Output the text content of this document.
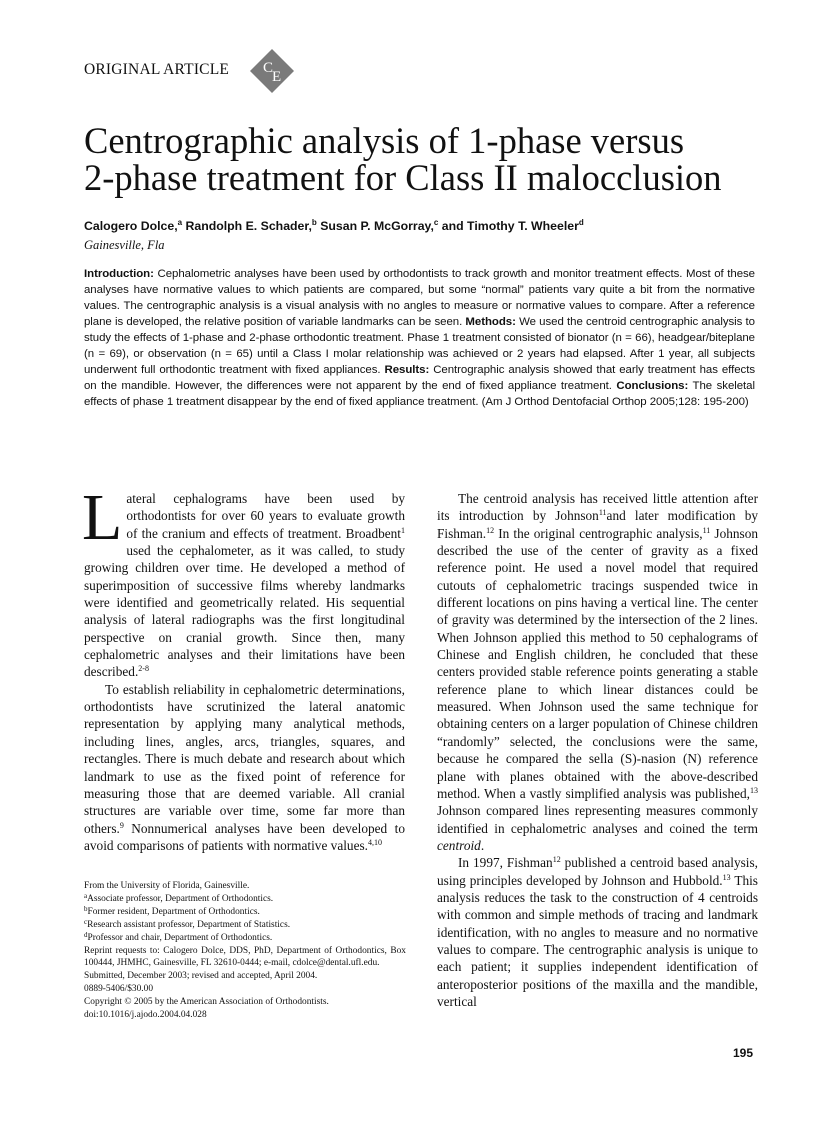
ORIGINAL ARTICLE C
E
Centrographic analysis of 1-phase versus
2-phase treatment for Class II malocclusion
Calogero Dolce,$^a$ Randolph E. Schader,$^b$ Susan P. McGorray,$^c$ and Timothy T. Wheeler$^d$
Gainesville, Fla
Introduction: Cephalometric analyses have been used by orthodontists to track growth and monitor treatment effects. Most of these analyses have normative values to which patients are compared, but some “normal” patients vary quite a bit from the normative values. The centrographic analysis is a visual analysis with no angles to measure or normative values to compare. After a reference plane is developed, the relative position of variable landmarks can be seen. Methods: We used the centroid centrographic analysis to study the effects of 1-phase and 2-phase orthodontic treatment. Phase 1 treatment consisted of bionator (n = 66), headgear/biteplane (n = 69), or observation (n = 65) until a Class I molar relationship was achieved or 2 years had elapsed. After 1 year, all subjects underwent full orthodontic treatment with fixed appliances. Results: Centrographic analysis showed that early treatment has effects on the mandible. However, the differences were not apparent by the end of fixed appliance treatment. Conclusions: The skeletal effects of phase 1 treatment disappear by the end of fixed appliance treatment. (Am J Orthod Dentofacial Orthop 2005;128: 195-200)

Lateral cephalograms have been used by orthodontists for over 60 years to evaluate growth of the cranium and effects of treatment. Broadbent$^1$ used the cephalometer, as it was called, to study growing children over time. He developed a method of superimposition of successive films whereby landmarks were identified and geometrically related. His sequential analysis of lateral radiographs was the first longitudinal perspective on cranial growth. Since then, many cephalometric analyses and their limitations have been described.$^{2-8}$

To establish reliability in cephalometric determinations, orthodontists have scrutinized the lateral anatomic representation by applying many analytical methods, including lines, angles, arcs, triangles, squares, and rectangles. There is much debate and research about which landmark to use as the fixed point of reference for measuring those that are deemed variable. All cranial structures are variable over time, some far more than others.$^9$ Nonnumerical analyses have been developed to avoid comparisons of patients with normative values.$^{4,10}$

The centroid analysis has received little attention after its introduction by Johnson$^{11}$and later modification by Fishman.$^{12}$ In the original centrographic analysis,$^{11}$ Johnson described the use of the center of gravity as a fixed reference point. He used a novel model that required cutouts of cephalometric tracings suspended twice in different locations on pins having a vertical line. The center of gravity was determined by the intersection of the 2 lines. When Johnson applied this method to 50 cephalograms of Chinese and English children, he concluded that these centers provided stable reference points generating a stable reference plane to which linear distances could be measured. When Johnson used the same technique for obtaining centers on a larger population of Chinese children “randomly” selected, the conclusions were the same, because he compared the sella (S)-nasion (N) reference plane with planes obtained with the above-described method. When a vastly simplified analysis was published,$^{13}$ Johnson compared lines representing measures commonly identified in cephalometric analyses and coined the term centroid.

In 1997, Fishman$^{12}$ published a centroid based analysis, using principles developed by Johnson and Hubbold.$^{13}$ This analysis reduces the task to the construction of 4 centroids with common and simple methods of tracing and landmark identification, with no angles to measure and no normative values to compare. The centrographic analysis is unique to each patient; it supplies independent identification of anteroposterior positions of the maxilla and the mandible, vertical

From the University of Florida, Gainesville.
$^a$Associate professor, Department of Orthodontics.
$^b$Former resident, Department of Orthodontics.
$^c$Research assistant professor, Department of Statistics.
$^d$Professor and chair, Department of Orthodontics.
Reprint requests to: Calogero Dolce, DDS, PhD, Department of Orthodontics, Box 100444, JHMHC, Gainesville, FL 32610-0444; e-mail, cdolce@dental.ufl.edu.
Submitted, December 2003; revised and accepted, April 2004.
0889-5406/$30.00
Copyright © 2005 by the American Association of Orthodontists.
doi:10.1016/j.ajodo.2004.04.028
195
